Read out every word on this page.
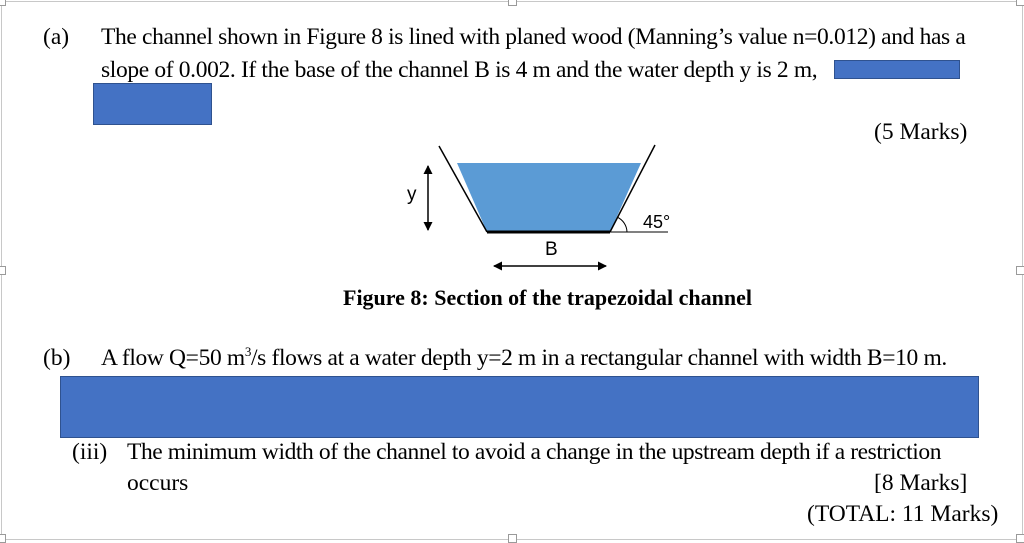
(a) The channel shown in Figure 8 is lined with planed wood (Manning’s value n=0.012) and has a
slope of 0.002. If the base of the channel B is 4 m and the water depth y is 2 m,
(5 Marks)
y
45°
B
Figure 8: Section of the trapezoidal channel
(b) A flow Q=50 $m^3/s$ flows at a water depth y=2 m in a rectangular channel with width B=10 m.
(iii) The minimum width of the channel to avoid a change in the upstream depth if a restriction
occurs	[8 Marks]
(TOTAL: 11 Marks)
